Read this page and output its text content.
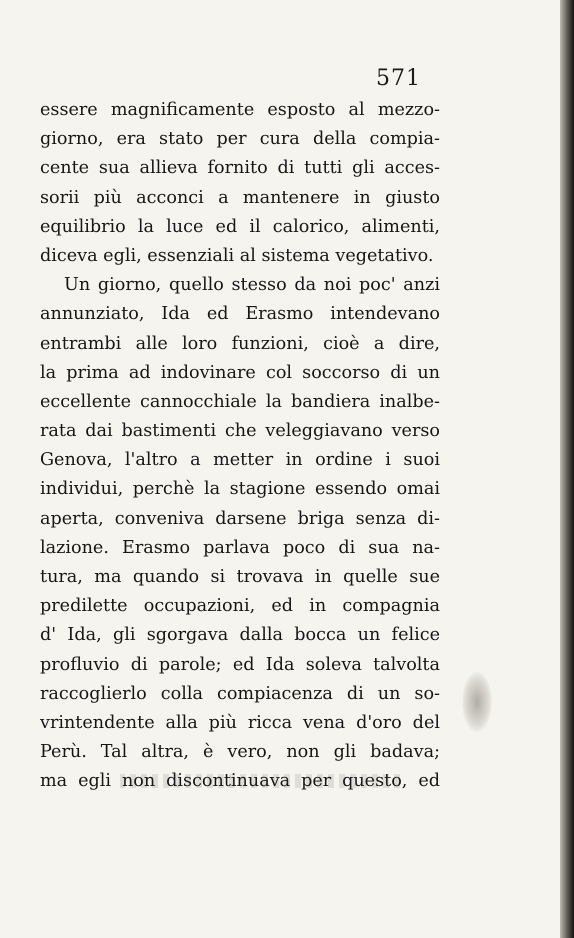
571
essere magnificamente esposto al mezzo-
giorno, era stato per cura della compia-
cente sua allieva fornito di tutti gli acces-
sorii più acconci a mantenere in giusto
equilibrio la luce ed il calorico, alimenti,
diceva egli, essenziali al sistema vegetativo.
Un giorno, quello stesso da noi poc' anzi
annunziato, Ida ed Erasmo intendevano
entrambi alle loro funzioni, cioè a dire,
la prima ad indovinare col soccorso di un
eccellente cannocchiale la bandiera inalbe-
rata dai bastimenti che veleggiavano verso
Genova, l'altro a metter in ordine i suoi
individui, perchè la stagione essendo omai
aperta, conveniva darsene briga senza di-
lazione. Erasmo parlava poco di sua na-
tura, ma quando si trovava in quelle sue
predilette occupazioni, ed in compagnia
d' Ida, gli sgorgava dalla bocca un felice
profluvio di parole; ed Ida soleva talvolta
raccoglierlo colla compiacenza di un so-
vrintendente alla più ricca vena d'oro del
Perù. Tal altra, è vero, non gli badava;
ma egli non discontinuava per questo, ed
